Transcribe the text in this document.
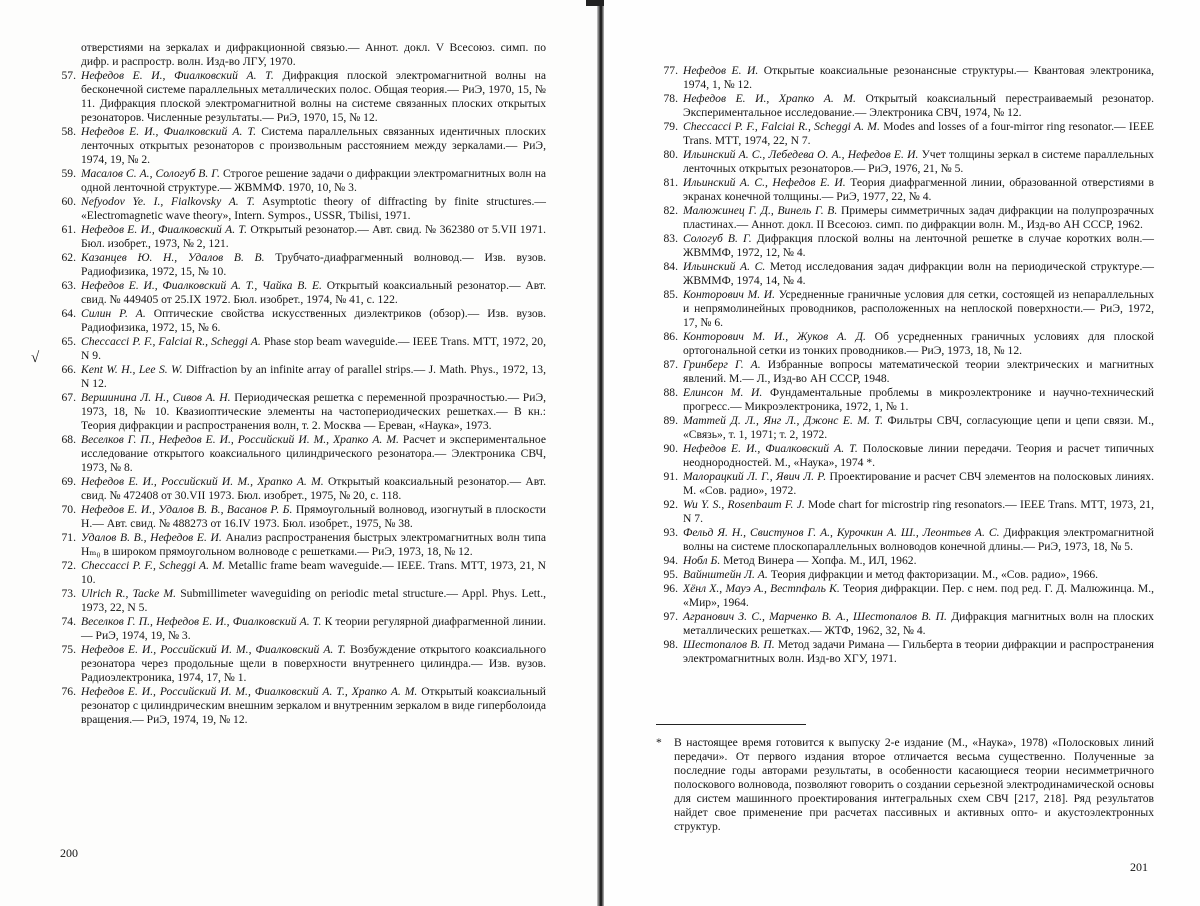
√
отверстиями на зеркалах и дифракционной связью.— Аннот. докл. V Всесоюз. симп. по дифр. и распростр. волн. Изд-во ЛГУ, 1970.
57. Нефедов Е. И., Фиалковский А. Т. Дифракция плоской электромагнитной волны на бесконечной системе параллельных металлических полос. Общая теория.— РиЭ, 1970, 15, № 11. Дифракция плоской электромагнитной волны на системе связанных плоских открытых резонаторов. Численные результаты.— РиЭ, 1970, 15, № 12.
58. Нефедов Е. И., Фиалковский А. Т. Система параллельных связанных идентичных плоских ленточных открытых резонаторов с произвольным расстоянием между зеркалами.— РиЭ, 1974, 19, № 2.
59. Масалов С. А., Сологуб В. Г. Строгое решение задачи о дифракции электромагнитных волн на одной ленточной структуре.— ЖВММФ. 1970, 10, № 3.
60. Nefyodov Ye. I., Fialkovsky A. T. Asymptotic theory of diffracting by finite structures.— «Electromagnetic wave theory», Intern. Sympos., USSR, Tbilisi, 1971.
61. Нефедов Е. И., Фиалковский А. Т. Открытый резонатор.— Авт. свид. № 362380 от 5.VII 1971. Бюл. изобрет., 1973, № 2, 121.
62. Казанцев Ю. Н., Удалов В. В. Трубчато-диафрагменный волновод.— Изв. вузов. Радиофизика, 1972, 15, № 10.
63. Нефедов Е. И., Фиалковский А. Т., Чайка В. Е. Открытый коаксиальный резонатор.— Авт. свид. № 449405 от 25.IX 1972. Бюл. изобрет., 1974, № 41, с. 122.
64. Силин Р. А. Оптические свойства искусственных диэлектриков (обзор).— Изв. вузов. Радиофизика, 1972, 15, № 6.
65. Checcacci P. F., Falciai R., Scheggi A. Phase stop beam waveguide.— IEEE Trans. MTT, 1972, 20, N 9.
66. Kent W. H., Lee S. W. Diffraction by an infinite array of parallel strips.— J. Math. Phys., 1972, 13, N 12.
67. Вершинина Л. Н., Сивов А. Н. Периодическая решетка с переменной прозрачностью.— РиЭ, 1973, 18, № 10. Квазиоптические элементы на частопериодических решетках.— В кн.: Теория дифракции и распространения волн, т. 2. Москва — Ереван, «Наука», 1973.
68. Веселков Г. П., Нефедов Е. И., Российский И. М., Храпко А. М. Расчет и экспериментальное исследование открытого коаксиального цилиндрического резонатора.— Электроника СВЧ, 1973, № 8.
69. Нефедов Е. И., Российский И. М., Храпко А. М. Открытый коаксиальный резонатор.— Авт. свид. № 472408 от 30.VII 1973. Бюл. изобрет., 1975, № 20, с. 118.
70. Нефедов Е. И., Удалов В. В., Васанов Р. Б. Прямоугольный волновод, изогнутый в плоскости H.— Авт. свид. № 488273 от 16.IV 1973. Бюл. изобрет., 1975, № 38.
71. Удалов В. В., Нефедов Е. И. Анализ распространения быстрых электромагнитных волн типа Hₘ₀ в широком прямоугольном волноводе с решетками.— РиЭ, 1973, 18, № 12.
72. Checcacci P. F., Scheggi A. M. Metallic frame beam waveguide.— IEEE. Trans. MTT, 1973, 21, N 10.
73. Ulrich R., Tacke M. Submillimeter waveguiding on periodic metal structure.— Appl. Phys. Lett., 1973, 22, N 5.
74. Веселков Г. П., Нефедов Е. И., Фиалковский А. Т. К теории регулярной диафрагменной линии.— РиЭ, 1974, 19, № 3.
75. Нефедов Е. И., Российский И. М., Фиалковский А. Т. Возбуждение открытого коаксиального резонатора через продольные щели в поверхности внутреннего цилиндра.— Изв. вузов. Радиоэлектроника, 1974, 17, № 1.
76. Нефедов Е. И., Российский И. М., Фиалковский А. Т., Храпко А. М. Открытый коаксиальный резонатор с цилиндрическим внешним зеркалом и внутренним зеркалом в виде гиперболоида вращения.— РиЭ, 1974, 19, № 12.
200
77. Нефедов Е. И. Открытые коаксиальные резонансные структуры.— Квантовая электроника, 1974, 1, № 12.
78. Нефедов Е. И., Храпко А. М. Открытый коаксиальный перестраиваемый резонатор. Экспериментальное исследование.— Электроника СВЧ, 1974, № 12.
79. Checcacci P. F., Falciai R., Scheggi A. M. Modes and losses of a four-mirror ring resonator.— IEEE Trans. MTT, 1974, 22, N 7.
80. Ильинский А. С., Лебедева О. А., Нефедов Е. И. Учет толщины зеркал в системе параллельных ленточных открытых резонаторов.— РиЭ, 1976, 21, № 5.
81. Ильинский А. С., Нефедов Е. И. Теория диафрагменной линии, образованной отверстиями в экранах конечной толщины.— РиЭ, 1977, 22, № 4.
82. Малюжинец Г. Д., Винель Г. В. Примеры симметричных задач дифракции на полупрозрачных пластинах.— Аннот. докл. II Всесоюз. симп. по дифракции волн. М., Изд-во АН СССР, 1962.
83. Сологуб В. Г. Дифракция плоской волны на ленточной решетке в случае коротких волн.— ЖВММФ, 1972, 12, № 4.
84. Ильинский А. С. Метод исследования задач дифракции волн на периодической структуре.— ЖВММФ, 1974, 14, № 4.
85. Конторович М. И. Усредненные граничные условия для сетки, состоящей из непараллельных и непрямолинейных проводников, расположенных на неплоской поверхности.— РиЭ, 1972, 17, № 6.
86. Конторович М. И., Жуков А. Д. Об усредненных граничных условиях для плоской ортогональной сетки из тонких проводников.— РиЭ, 1973, 18, № 12.
87. Гринберг Г. А. Избранные вопросы математической теории электрических и магнитных явлений. М.— Л., Изд-во АН СССР, 1948.
88. Елинсон М. И. Фундаментальные проблемы в микроэлектронике и научно-технический прогресс.— Микроэлектроника, 1972, 1, № 1.
89. Маттей Д. Л., Янг Л., Джонс Е. М. Т. Фильтры СВЧ, согласующие цепи и цепи связи. М., «Связь», т. 1, 1971; т. 2, 1972.
90. Нефедов Е. И., Фиалковский А. Т. Полосковые линии передачи. Теория и расчет типичных неоднородностей. М., «Наука», 1974 *.
91. Малорацкий Л. Г., Явич Л. Р. Проектирование и расчет СВЧ элементов на полосковых линиях. М. «Сов. радио», 1972.
92. Wu Y. S., Rosenbaum F. J. Mode chart for microstrip ring resonators.— IEEE Trans. MTT, 1973, 21, N 7.
93. Фельд Я. Н., Свистунов Г. А., Курочкин А. Ш., Леонтьев А. С. Дифракция электромагнитной волны на системе плоскопараллельных волноводов конечной длины.— РиЭ, 1973, 18, № 5.
94. Нобл Б. Метод Винера — Хопфа. М., ИЛ, 1962.
95. Вайнштейн Л. А. Теория дифракции и метод факторизации. М., «Сов. радио», 1966.
96. Хёнл Х., Мауэ А., Вестпфаль К. Теория дифракции. Пер. с нем. под ред. Г. Д. Малюжинца. М., «Мир», 1964.
97. Агранович З. С., Марченко В. А., Шестопалов В. П. Дифракция магнитных волн на плоских металлических решетках.— ЖТФ, 1962, 32, № 4.
98. Шестопалов В. П. Метод задачи Римана — Гильберта в теории дифракции и распространения электромагнитных волн. Изд-во ХГУ, 1971.
*	В настоящее время готовится к выпуску 2-е издание (М., «Наука», 1978) «Полосковых линий передачи». От первого издания второе отличается весьма существенно. Полученные за последние годы авторами результаты, в особенности касающиеся теории несимметричного полоскового волновода, позволяют говорить о создании серьезной электродинамической основы для систем машинного проектирования интегральных схем СВЧ [217, 218]. Ряд результатов найдет свое применение при расчетах пассивных и активных опто- и акустоэлектронных структур.
201
